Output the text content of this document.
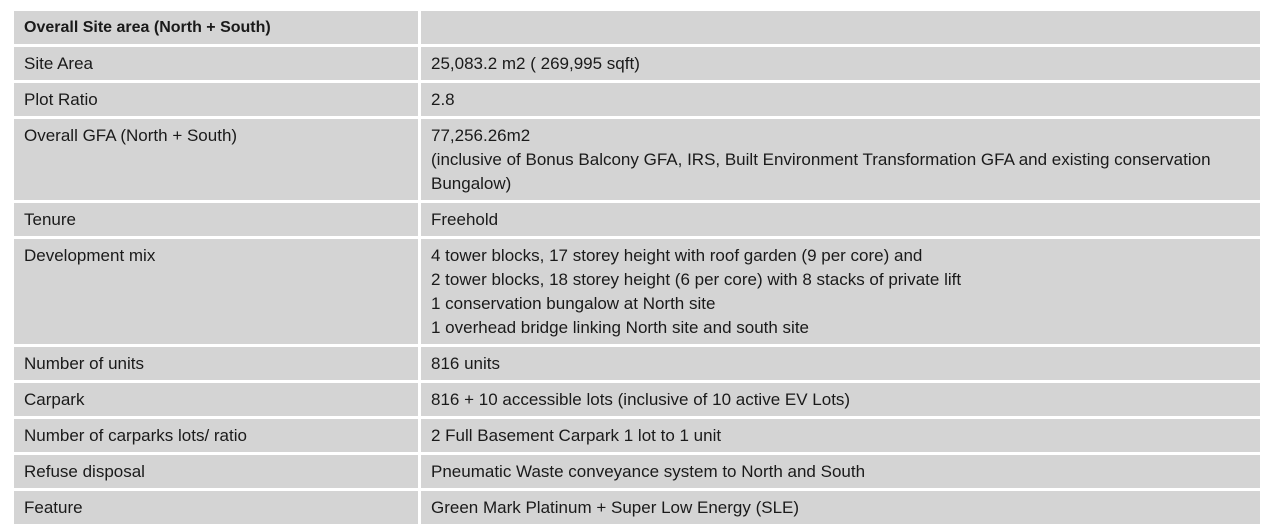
Overall Site area (North + South)
Site Area	25,083.2 m2 ( 269,995 sqft)
Plot Ratio	2.8
Overall GFA (North + South)	77,256.26m2
(inclusive of Bonus Balcony GFA, IRS, Built Environment Transformation GFA and existing conservation
Bungalow)
Tenure	Freehold
Development mix	4 tower blocks, 17 storey height with roof garden (9 per core) and
2 tower blocks, 18 storey height (6 per core) with 8 stacks of private lift
1 conservation bungalow at North site
1 overhead bridge linking North site and south site
Number of units	816 units
Carpark	816 + 10 accessible lots (inclusive of 10 active EV Lots)
Number of carparks lots/ ratio	2 Full Basement Carpark 1 lot to 1 unit
Refuse disposal	Pneumatic Waste conveyance system to North and South
Feature	Green Mark Platinum + Super Low Energy (SLE)
